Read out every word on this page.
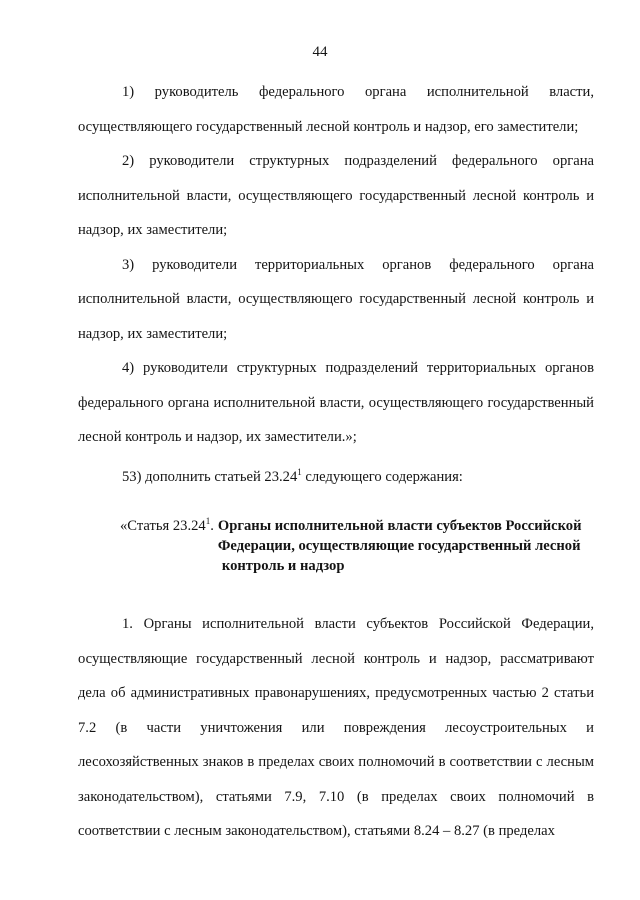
44

1) руководитель федерального органа исполнительной власти, осуществляющего государственный лесной контроль и надзор, его заместители;

2) руководители структурных подразделений федерального органа исполнительной власти, осуществляющего государственный лесной контроль и надзор, их заместители;

3) руководители территориальных органов федерального органа исполнительной власти, осуществляющего государственный лесной контроль и надзор, их заместители;

4) руководители структурных подразделений территориальных органов федерального органа исполнительной власти, осуществляющего государственный лесной контроль и надзор, их заместители.»;

53) дополнить статьей 23.24$^1$ следующего содержания:

«Статья 23.24$^1$. Органы исполнительной власти субъектов Российской
Федерации, осуществляющие государственный лесной
контроль и надзор

1. Органы исполнительной власти субъектов Российской Федерации, осуществляющие государственный лесной контроль и надзор, рассматривают дела об административных правонарушениях, предусмотренных частью 2 статьи 7.2 (в части уничтожения или повреждения лесоустроительных и лесохозяйственных знаков в пределах своих полномочий в соответствии с лесным законодательством), статьями 7.9, 7.10 (в пределах своих полномочий в соответствии с лесным законодательством), статьями 8.24 – 8.27 (в пределах
